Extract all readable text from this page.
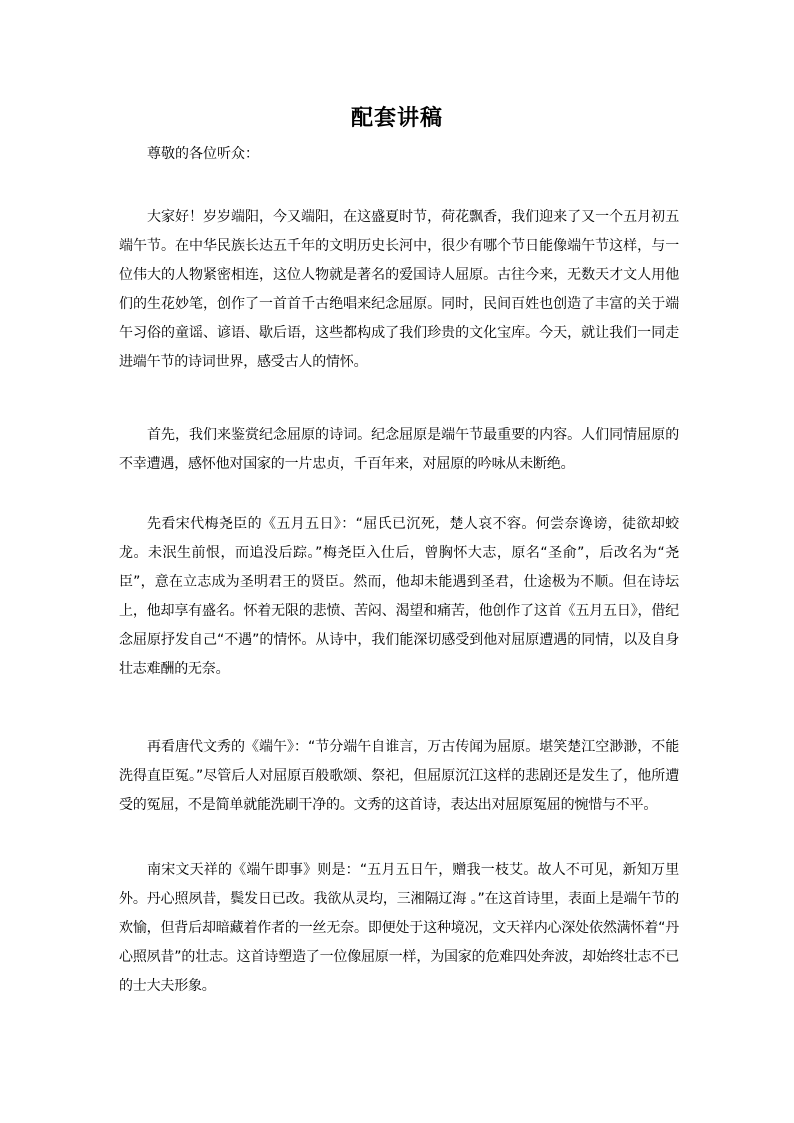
配套讲稿
尊敬的各位听众：

大家好！岁岁端阳，今又端阳，在这盛夏时节，荷花飘香，我们迎来了又一个五月初五端午节。在中华民族长达五千年的文明历史长河中，很少有哪个节日能像端午节这样，与一位伟大的人物紧密相连，这位人物就是著名的爱国诗人屈原。古往今来，无数天才文人用他们的生花妙笔，创作了一首首千古绝唱来纪念屈原。同时，民间百姓也创造了丰富的关于端午习俗的童谣、谚语、歇后语，这些都构成了我们珍贵的文化宝库。今天，就让我们一同走进端午节的诗词世界，感受古人的情怀。

首先，我们来鉴赏纪念屈原的诗词。纪念屈原是端午节最重要的内容。人们同情屈原的不幸遭遇，感怀他对国家的一片忠贞，千百年来，对屈原的吟咏从未断绝。

先看宋代梅尧臣的《五月五日》：“屈氏已沉死，楚人哀不容。何尝奈谗谤，徒欲却蛟龙。未泯生前恨，而追没后踪。”梅尧臣入仕后，曾胸怀大志，原名“圣俞”，后改名为“尧臣”，意在立志成为圣明君王的贤臣。然而，他却未能遇到圣君，仕途极为不顺。但在诗坛上，他却享有盛名。怀着无限的悲愤、苦闷、渴望和痛苦，他创作了这首《五月五日》，借纪念屈原抒发自己“不遇”的情怀。从诗中，我们能深切感受到他对屈原遭遇的同情，以及自身壮志难酬的无奈。

再看唐代文秀的《端午》：“节分端午自谁言，万古传闻为屈原。堪笑楚江空渺渺，不能洗得直臣冤。”尽管后人对屈原百般歌颂、祭祀，但屈原沉江这样的悲剧还是发生了，他所遭受的冤屈，不是简单就能洗刷干净的。文秀的这首诗，表达出对屈原冤屈的惋惜与不平。

南宋文天祥的《端午即事》则是：“五月五日午，赠我一枝艾。故人不可见，新知万里外。丹心照夙昔，鬓发日已改。我欲从灵均，三湘隔辽海 。”在这首诗里，表面上是端午节的欢愉，但背后却暗藏着作者的一丝无奈。即便处于这种境况，文天祥内心深处依然满怀着“丹心照夙昔”的壮志。这首诗塑造了一位像屈原一样，为国家的危难四处奔波，却始终壮志不已的士大夫形象。
